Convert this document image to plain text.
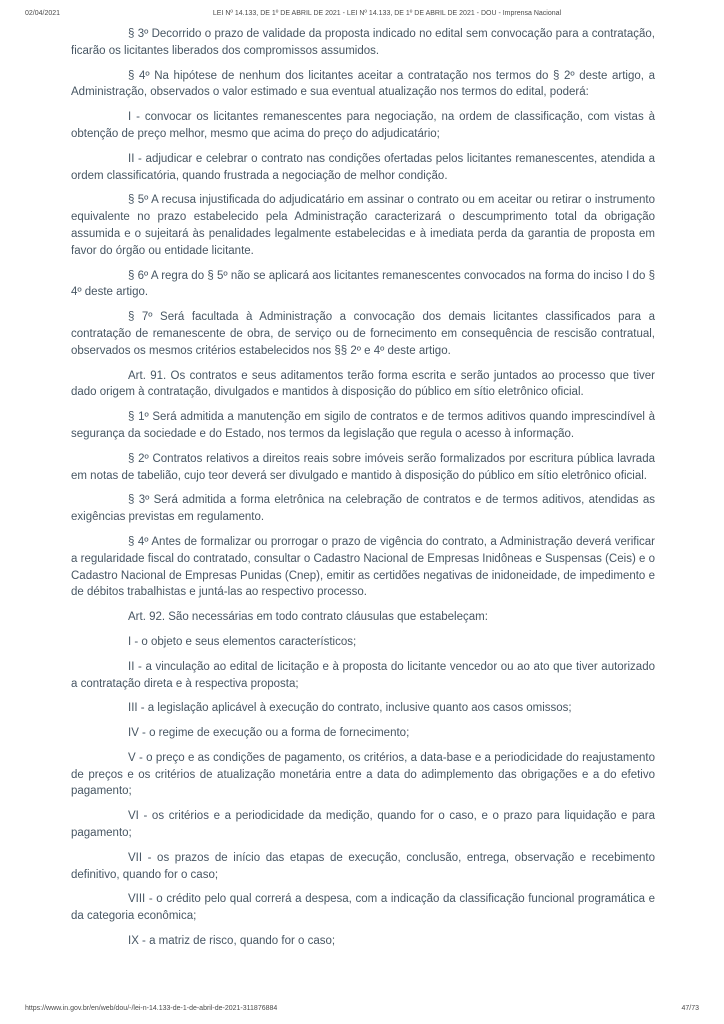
02/04/2021	LEI Nº 14.133, DE 1º DE ABRIL DE 2021 - LEI Nº 14.133, DE 1º DE ABRIL DE 2021 - DOU - Imprensa Nacional

§ 3º Decorrido o prazo de validade da proposta indicado no edital sem convocação para a contratação, ficarão os licitantes liberados dos compromissos assumidos.

§ 4º Na hipótese de nenhum dos licitantes aceitar a contratação nos termos do § 2º deste artigo, a Administração, observados o valor estimado e sua eventual atualização nos termos do edital, poderá:

I - convocar os licitantes remanescentes para negociação, na ordem de classificação, com vistas à obtenção de preço melhor, mesmo que acima do preço do adjudicatário;

II - adjudicar e celebrar o contrato nas condições ofertadas pelos licitantes remanescentes, atendida a ordem classificatória, quando frustrada a negociação de melhor condição.

§ 5º A recusa injustificada do adjudicatário em assinar o contrato ou em aceitar ou retirar o instrumento equivalente no prazo estabelecido pela Administração caracterizará o descumprimento total da obrigação assumida e o sujeitará às penalidades legalmente estabelecidas e à imediata perda da garantia de proposta em favor do órgão ou entidade licitante.

§ 6º A regra do § 5º não se aplicará aos licitantes remanescentes convocados na forma do inciso I do § 4º deste artigo.

§ 7º Será facultada à Administração a convocação dos demais licitantes classificados para a contratação de remanescente de obra, de serviço ou de fornecimento em consequência de rescisão contratual, observados os mesmos critérios estabelecidos nos §§ 2º e 4º deste artigo.

Art. 91. Os contratos e seus aditamentos terão forma escrita e serão juntados ao processo que tiver dado origem à contratação, divulgados e mantidos à disposição do público em sítio eletrônico oficial.

§ 1º Será admitida a manutenção em sigilo de contratos e de termos aditivos quando imprescindível à segurança da sociedade e do Estado, nos termos da legislação que regula o acesso à informação.

§ 2º Contratos relativos a direitos reais sobre imóveis serão formalizados por escritura pública lavrada em notas de tabelião, cujo teor deverá ser divulgado e mantido à disposição do público em sítio eletrônico oficial.

§ 3º Será admitida a forma eletrônica na celebração de contratos e de termos aditivos, atendidas as exigências previstas em regulamento.

§ 4º Antes de formalizar ou prorrogar o prazo de vigência do contrato, a Administração deverá verificar a regularidade fiscal do contratado, consultar o Cadastro Nacional de Empresas Inidôneas e Suspensas (Ceis) e o Cadastro Nacional de Empresas Punidas (Cnep), emitir as certidões negativas de inidoneidade, de impedimento e de débitos trabalhistas e juntá-las ao respectivo processo.

Art. 92. São necessárias em todo contrato cláusulas que estabeleçam:

I - o objeto e seus elementos característicos;

II - a vinculação ao edital de licitação e à proposta do licitante vencedor ou ao ato que tiver autorizado a contratação direta e à respectiva proposta;

III - a legislação aplicável à execução do contrato, inclusive quanto aos casos omissos;

IV - o regime de execução ou a forma de fornecimento;

V - o preço e as condições de pagamento, os critérios, a data-base e a periodicidade do reajustamento de preços e os critérios de atualização monetária entre a data do adimplemento das obrigações e a do efetivo pagamento;

VI - os critérios e a periodicidade da medição, quando for o caso, e o prazo para liquidação e para pagamento;

VII - os prazos de início das etapas de execução, conclusão, entrega, observação e recebimento definitivo, quando for o caso;

VIII - o crédito pelo qual correrá a despesa, com a indicação da classificação funcional programática e da categoria econômica;

IX - a matriz de risco, quando for o caso;

https://www.in.gov.br/en/web/dou/-/lei-n-14.133-de-1-de-abril-de-2021-311876884	47/73
